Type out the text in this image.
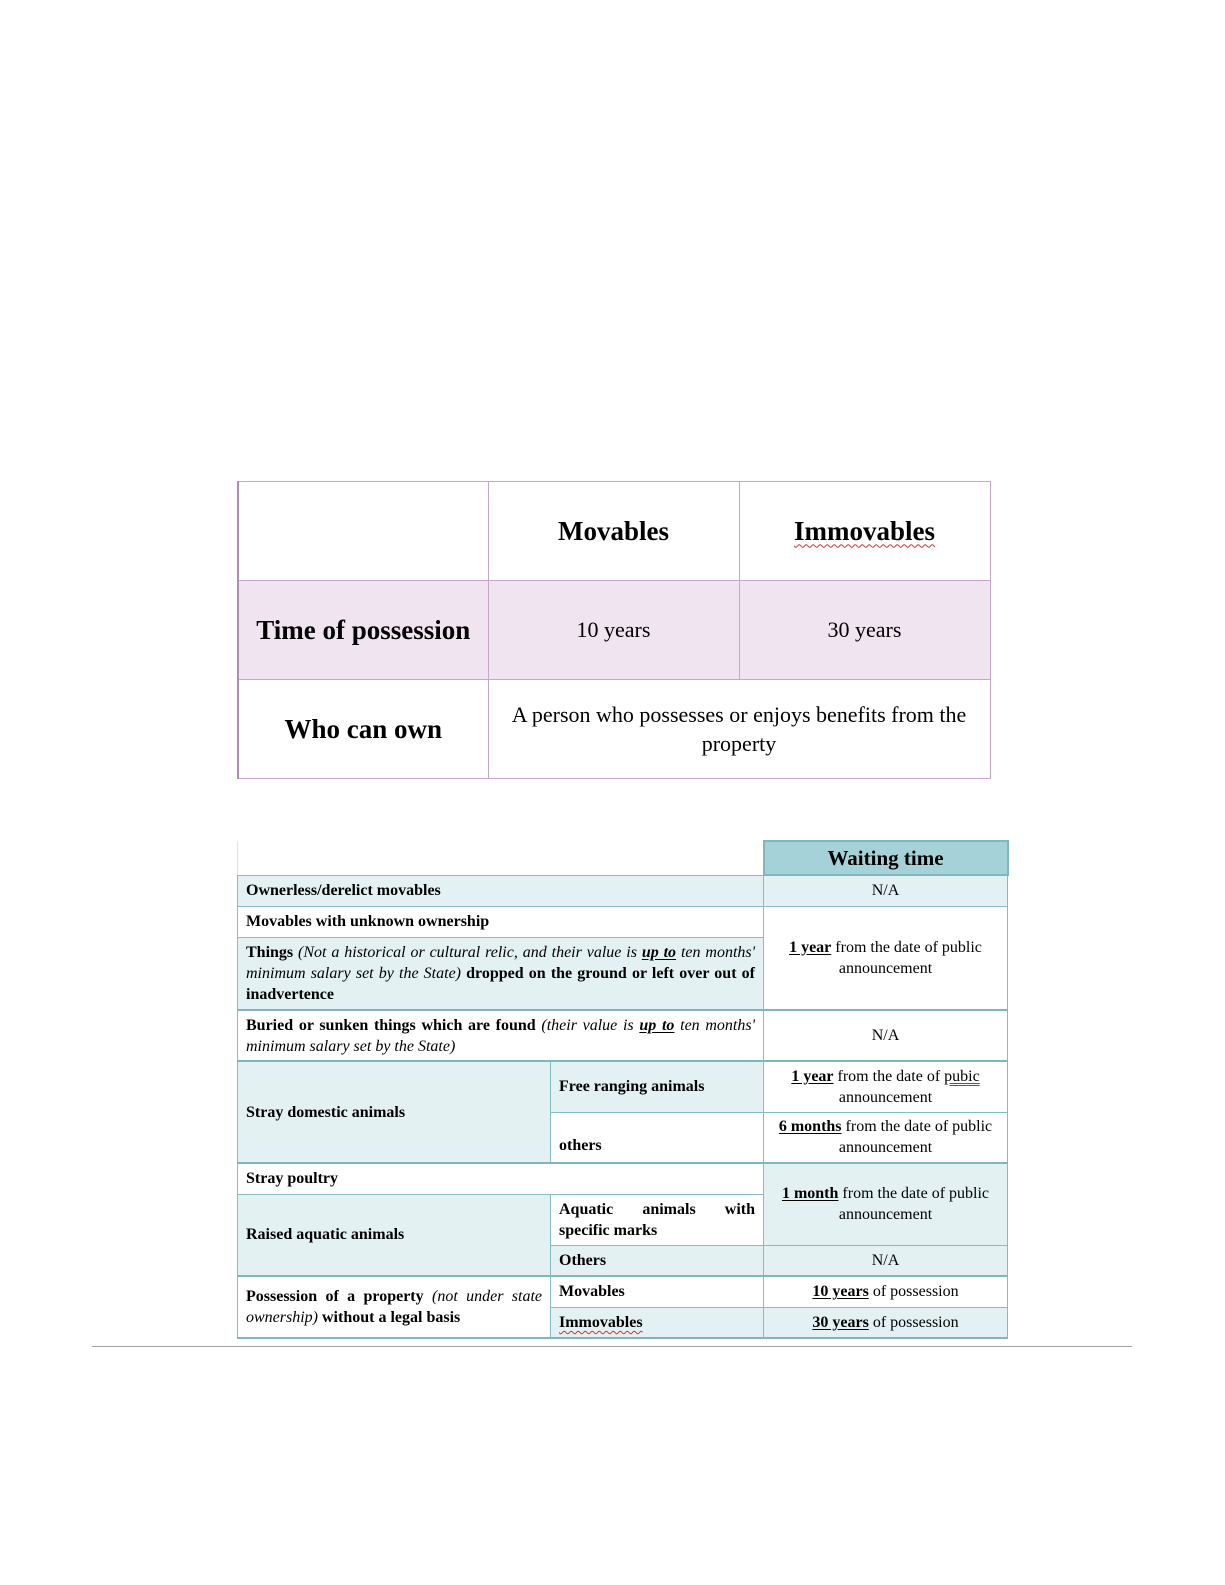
	Movables	Immovables
Time of possession	10 years	30 years
Who can own	A person who possesses or enjoys benefits from the property	
		Waiting time
Ownerless/derelict movables		N/A
Movables with unknown ownership		1 year from the date of public announcement
Things (Not a historical or cultural relic, and their value is up to ten months' minimum salary set by the State) dropped on the ground or left over out of inadvertence		
Buried or sunken things which are found (their value is up to ten months' minimum salary set by the State)		N/A
Stray domestic animals	Free ranging animals	1 year from the date of pubic announcement
	others	6 months from the date of public announcement
Stray poultry		1 month from the date of public announcement
Raised aquatic animals	Aquatic animals with specific marks	
	Others	N/A
Possession of a property (not under state ownership) without a legal basis	Movables	10 years of possession
	Immovables	30 years of possession
